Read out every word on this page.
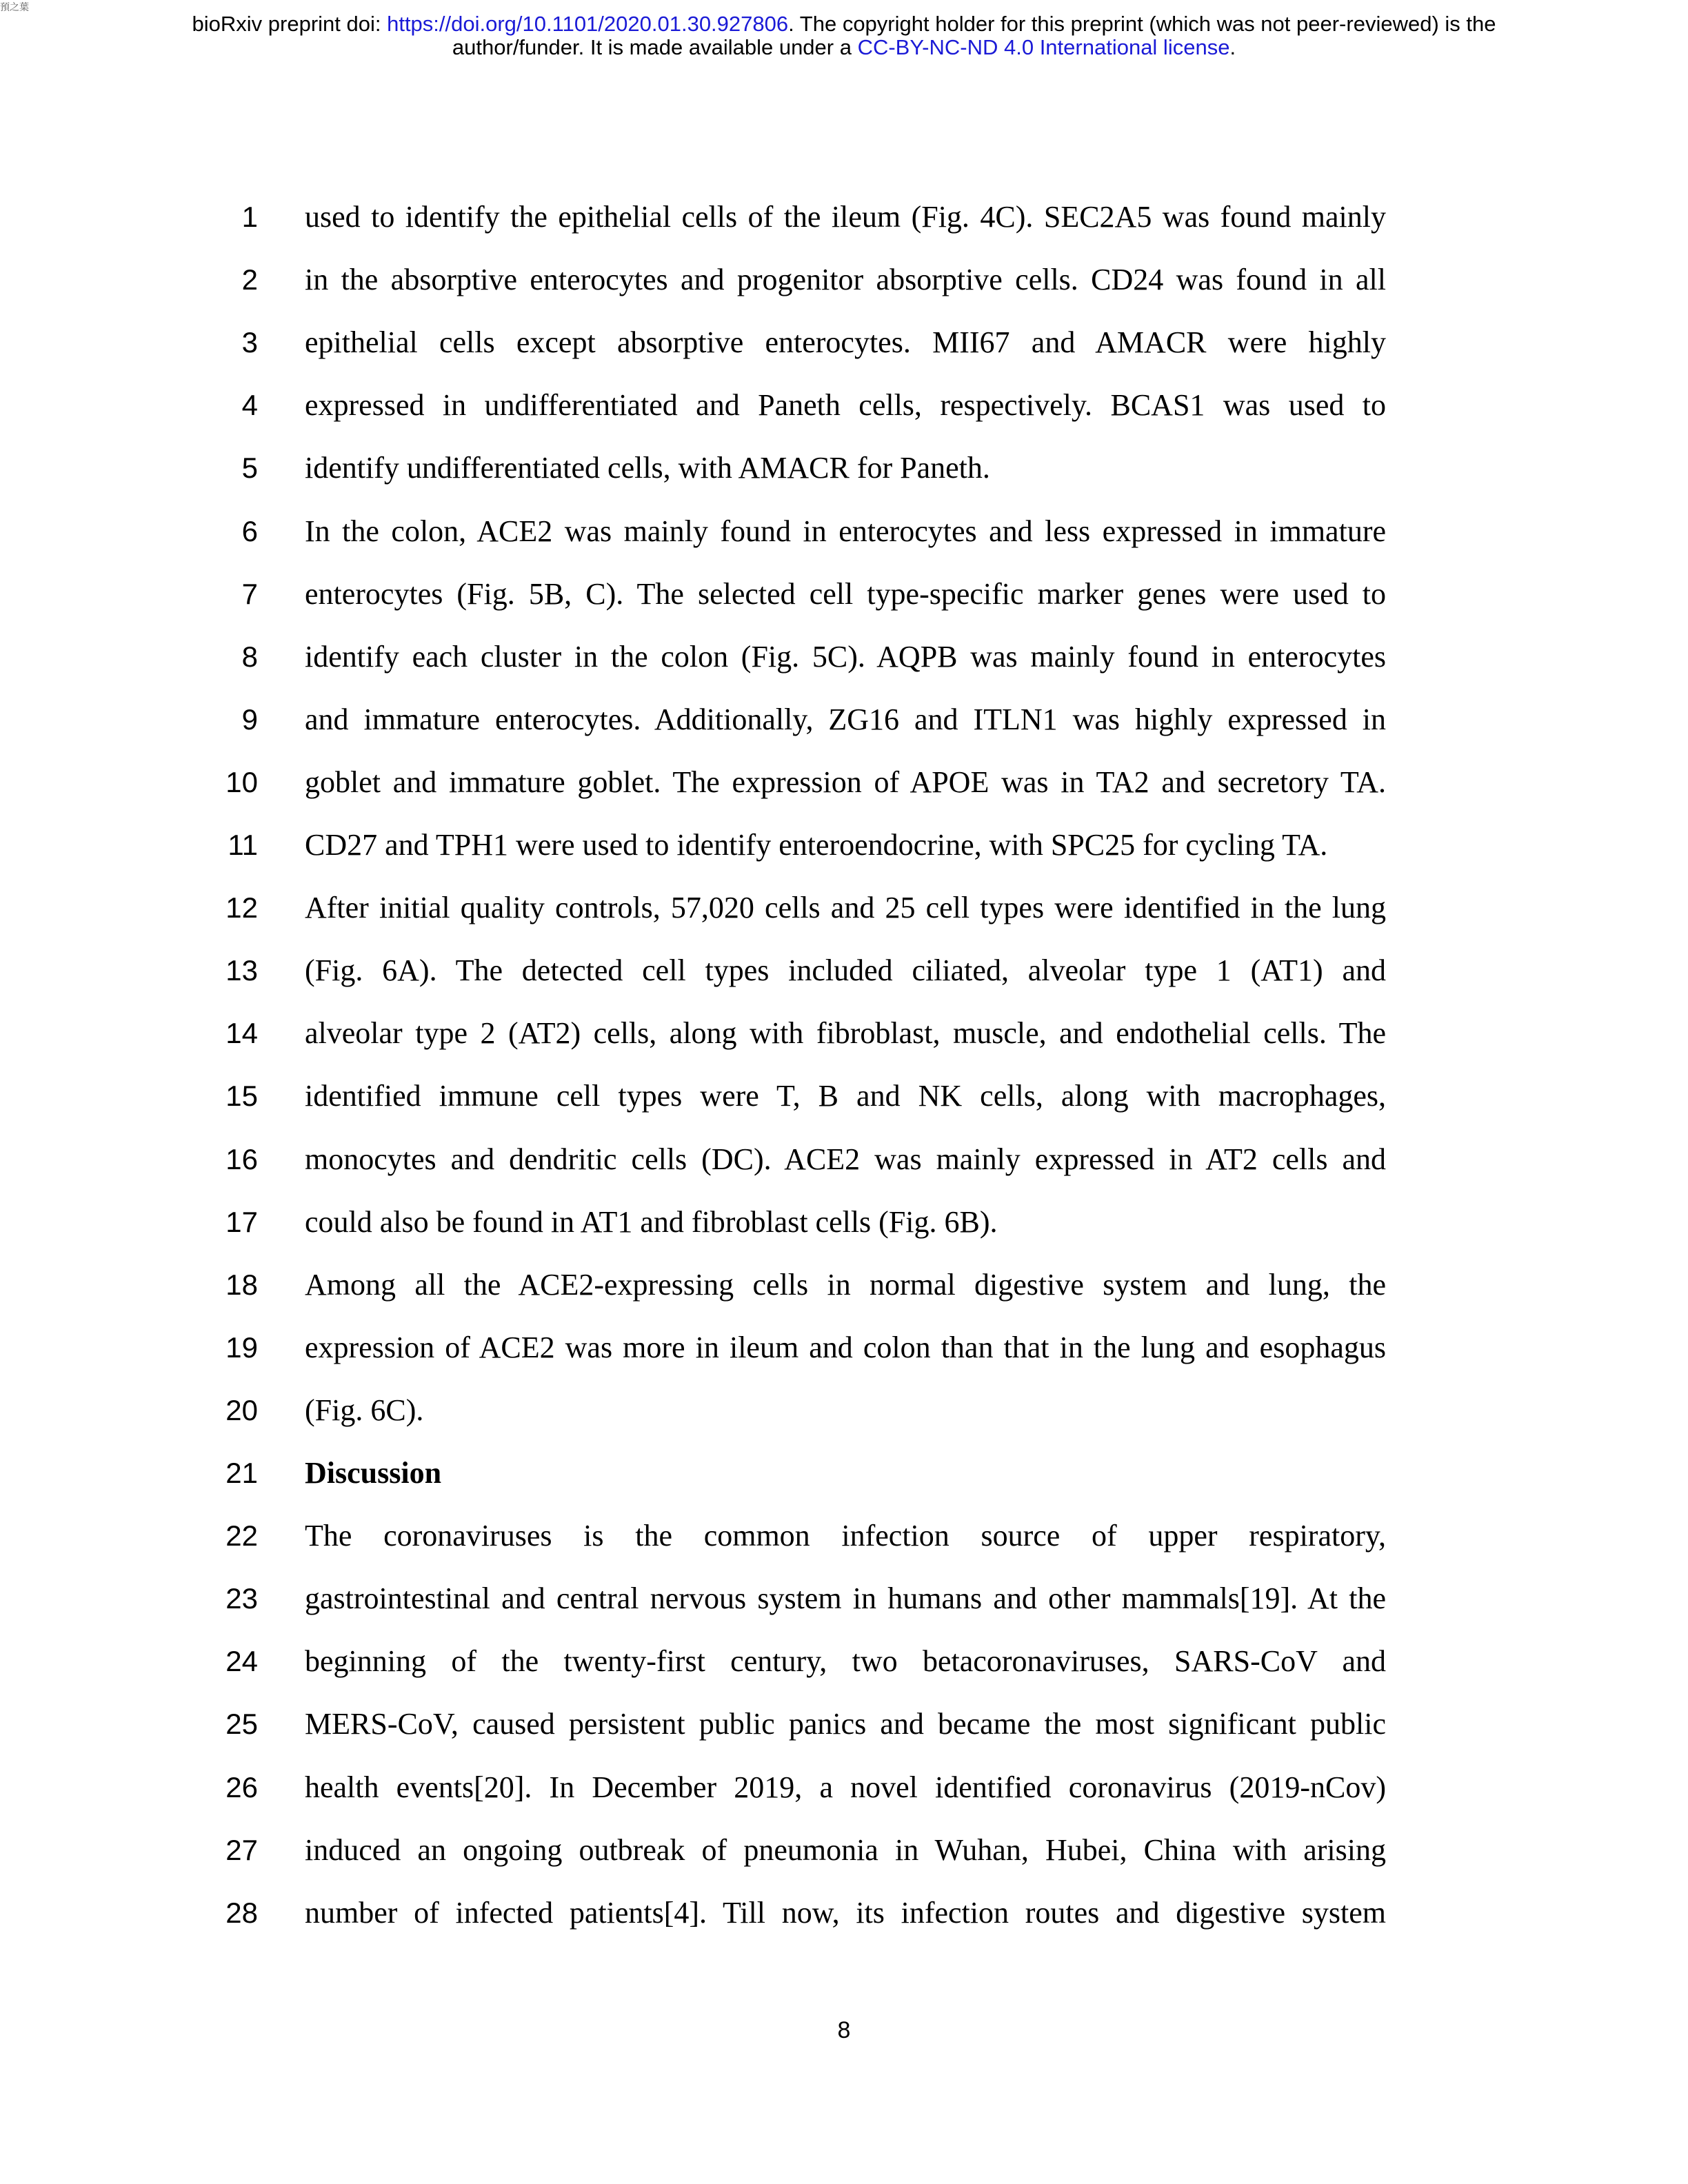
預之葉
bioRxiv preprint doi: https://doi.org/10.1101/2020.01.30.927806. The copyright holder for this preprint (which was not peer-reviewed) is the
author/funder. It is made available under a CC-BY-NC-ND 4.0 International license.
1 used to identify the epithelial cells of the ileum (Fig. 4C). SEC2A5 was found mainly
2 in the absorptive enterocytes and progenitor absorptive cells. CD24 was found in all
3 epithelial cells except absorptive enterocytes. MII67 and AMACR were highly
4 expressed in undifferentiated and Paneth cells, respectively. BCAS1 was used to
5 identify undifferentiated cells, with AMACR for Paneth.
6 In the colon, ACE2 was mainly found in enterocytes and less expressed in immature
7 enterocytes (Fig. 5B, C). The selected cell type-specific marker genes were used to
8 identify each cluster in the colon (Fig. 5C). AQPB was mainly found in enterocytes
9 and immature enterocytes. Additionally, ZG16 and ITLN1 was highly expressed in
10 goblet and immature goblet. The expression of APOE was in TA2 and secretory TA.
11 CD27 and TPH1 were used to identify enteroendocrine, with SPC25 for cycling TA.
12 After initial quality controls, 57,020 cells and 25 cell types were identified in the lung
13 (Fig. 6A). The detected cell types included ciliated, alveolar type 1 (AT1) and
14 alveolar type 2 (AT2) cells, along with fibroblast, muscle, and endothelial cells. The
15 identified immune cell types were T, B and NK cells, along with macrophages,
16 monocytes and dendritic cells (DC). ACE2 was mainly expressed in AT2 cells and
17 could also be found in AT1 and fibroblast cells (Fig. 6B).
18 Among all the ACE2-expressing cells in normal digestive system and lung, the
19 expression of ACE2 was more in ileum and colon than that in the lung and esophagus
20 (Fig. 6C).
21 Discussion
22 The coronaviruses is the common infection source of upper respiratory,
23 gastrointestinal and central nervous system in humans and other mammals[19]. At the
24 beginning of the twenty-first century, two betacoronaviruses, SARS-CoV and
25 MERS-CoV, caused persistent public panics and became the most significant public
26 health events[20]. In December 2019, a novel identified coronavirus (2019-nCov)
27 induced an ongoing outbreak of pneumonia in Wuhan, Hubei, China with arising
28 number of infected patients[4]. Till now, its infection routes and digestive system
8
